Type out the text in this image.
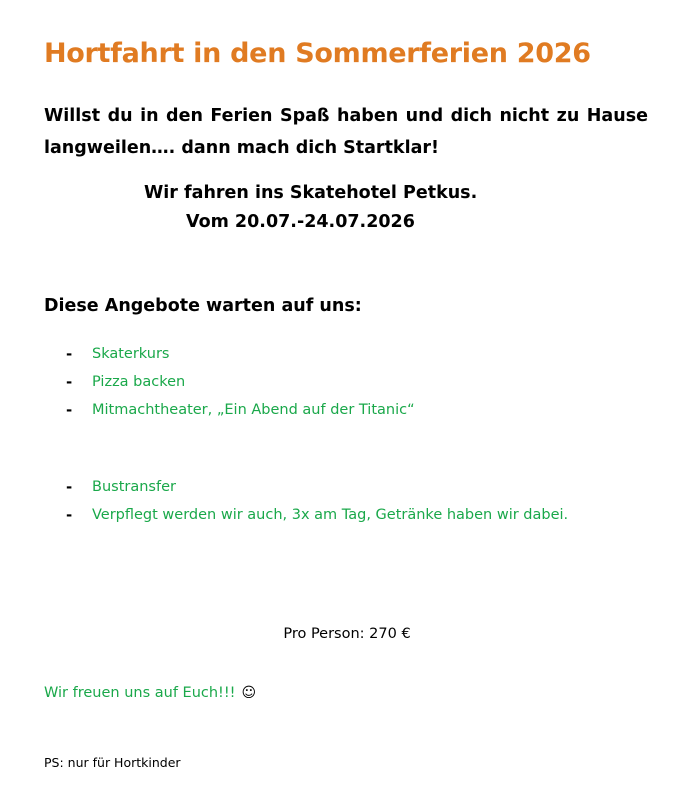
Hortfahrt in den Sommerferien 2026
Willst du in den Ferien Spaß haben und dich nicht zu Hause langweilen…. dann mach dich Startklar!
Wir fahren ins Skatehotel Petkus.
Vom 20.07.-24.07.2026
Diese Angebote warten auf uns:
- Skaterkurs
- Pizza backen
- Mitmachtheater, „Ein Abend auf der Titanic“
- Bustransfer
- Verpflegt werden wir auch, 3x am Tag, Getränke haben wir dabei.
Pro Person: 270 €
Wir freuen uns auf Euch!!! ☺
PS: nur für Hortkinder
